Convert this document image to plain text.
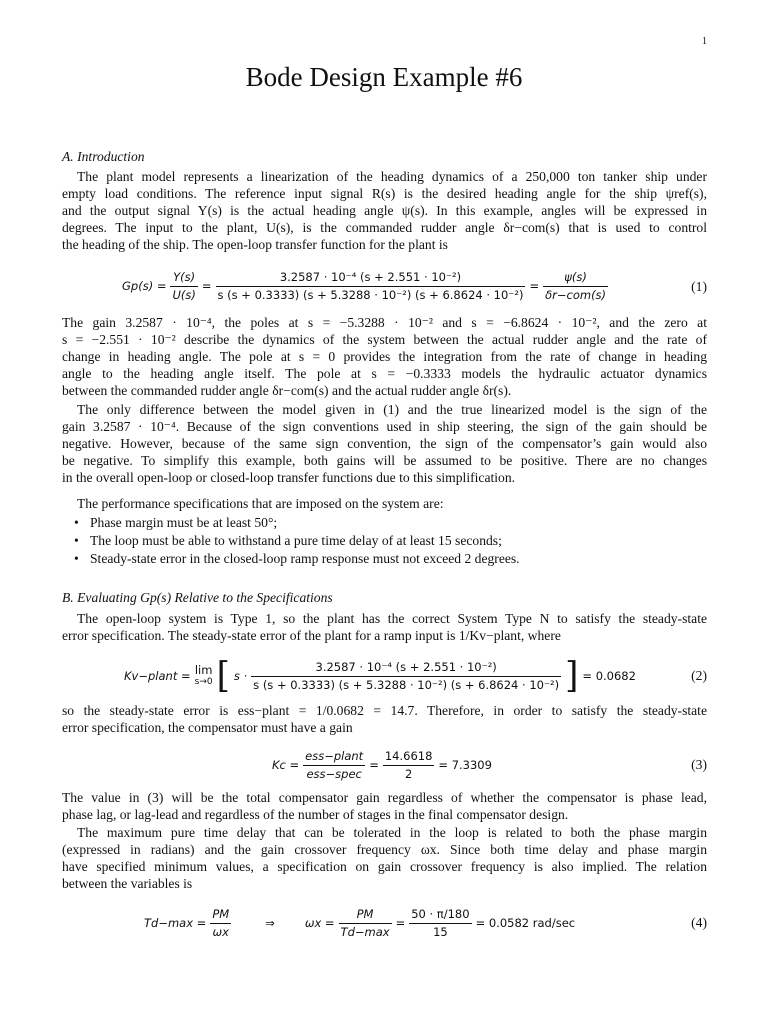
1
Bode Design Example #6
A. Introduction
The plant model represents a linearization of the heading dynamics of a 250,000 ton tanker ship under
empty load conditions. The reference input signal R(s) is the desired heading angle for the ship ψref(s),
and the output signal Y(s) is the actual heading angle ψ(s). In this example, angles will be expressed in
degrees. The input to the plant, U(s), is the commanded rudder angle δr−com(s) that is used to control
the heading of the ship. The open-loop transfer function for the plant is
$Gp(s) = \frac{Y(s)}{U(s)} = \frac{\text{3.2587 · 10⁻⁴ (s + 2.551 · 10⁻²)}}{\text{s (s + 0.3333) (s + 5.3288 · 10⁻²) (s + 6.8624 · 10⁻²)}} = \frac{\psi(s)}{\text{δr−com(s)}}$	(1)
The gain 3.2587 · 10⁻⁴, the poles at s = −5.3288 · 10⁻² and s = −6.8624 · 10⁻², and the zero at
s = −2.551 · 10⁻² describe the dynamics of the system between the actual rudder angle and the rate of
change in heading angle. The pole at s = 0 provides the integration from the rate of change in heading
angle to the heading angle itself. The pole at s = −0.3333 models the hydraulic actuator dynamics
between the commanded rudder angle δr−com(s) and the actual rudder angle δr(s).
The only difference between the model given in (1) and the true linearized model is the sign of the
gain 3.2587 · 10⁻⁴. Because of the sign conventions used in ship steering, the sign of the gain should be
negative. However, because of the same sign convention, the sign of the compensator’s gain would also
be negative. To simplify this example, both gains will be assumed to be positive. There are no changes
in the overall open-loop or closed-loop transfer functions due to this simplification.
The performance specifications that are imposed on the system are:
• Phase margin must be at least 50°;
• The loop must be able to withstand a pure time delay of at least 15 seconds;
• Steady-state error in the closed-loop ramp response must not exceed 2 degrees.
B. Evaluating Gp(s) Relative to the Specifications
The open-loop system is Type 1, so the plant has the correct System Type N to satisfy the steady-state
error specification. The steady-state error of the plant for a ramp input is 1/Kv−plant, where
Kv−plant = lim
s→0 [ $s \cdot \frac{\text{3.2587 · 10⁻⁴ (s + 2.551 · 10⁻²)}}{\text{s (s + 0.3333) (s + 5.3288 · 10⁻²) (s + 6.8624 · 10⁻²)}}$ ] = 0.0682	(2)
so the steady-state error is ess−plant = 1/0.0682 = 14.7. Therefore, in order to satisfy the steady-state
error specification, the compensator must have a gain
$Kc = \frac{\text{ess−plant}}{\text{ess−spec}} = \frac{14.6618}{2} = 7.3309$	(3)
The value in (3) will be the total compensator gain regardless of whether the compensator is phase lead,
phase lag, or lag-lead and regardless of the number of stages in the final compensator design.
The maximum pure time delay that can be tolerated in the loop is related to both the phase margin
(expressed in radians) and the gain crossover frequency ωx. Since both time delay and phase margin
have specified minimum values, a specification on gain crossover frequency is also implied. The relation
between the variables is
$Td-\max = \frac{PM}{\omega x}$	⇒	$\omega x = \frac{PM}{Td-\max} = \frac{50 \cdot \pi/180}{15} = 0.0582$ rad/sec	(4)
